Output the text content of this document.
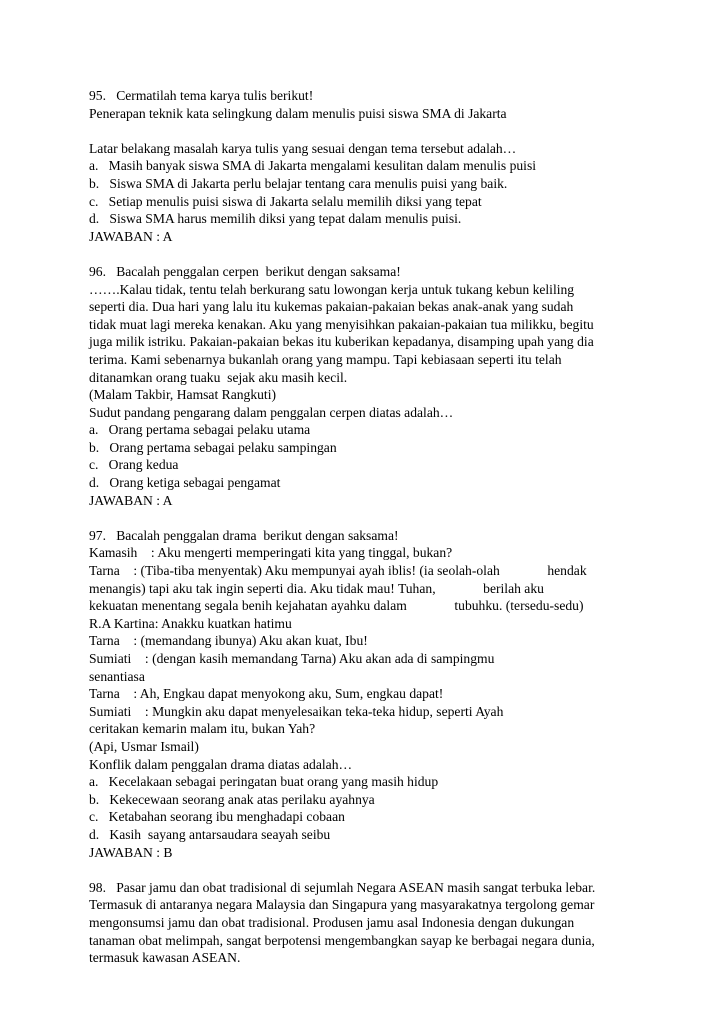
95.   Cermatilah tema karya tulis berikut!
Penerapan teknik kata selingkung dalam menulis puisi siswa SMA di Jakarta
Latar belakang masalah karya tulis yang sesuai dengan tema tersebut adalah…
a.   Masih banyak siswa SMA di Jakarta mengalami kesulitan dalam menulis puisi
b.   Siswa SMA di Jakarta perlu belajar tentang cara menulis puisi yang baik.
c.   Setiap menulis puisi siswa di Jakarta selalu memilih diksi yang tepat
d.   Siswa SMA harus memilih diksi yang tepat dalam menulis puisi.
JAWABAN : A
96.   Bacalah penggalan cerpen  berikut dengan saksama!
…….Kalau tidak, tentu telah berkurang satu lowongan kerja untuk tukang kebun keliling
seperti dia. Dua hari yang lalu itu kukemas pakaian-pakaian bekas anak-anak yang sudah
tidak muat lagi mereka kenakan. Aku yang menyisihkan pakaian-pakaian tua milikku, begitu
juga milik istriku. Pakaian-pakaian bekas itu kuberikan kepadanya, disamping upah yang dia
terima. Kami sebenarnya bukanlah orang yang mampu. Tapi kebiasaan seperti itu telah
ditanamkan orang tuaku  sejak aku masih kecil.
(Malam Takbir, Hamsat Rangkuti)
Sudut pandang pengarang dalam penggalan cerpen diatas adalah…
a.   Orang pertama sebagai pelaku utama
b.   Orang pertama sebagai pelaku sampingan
c.   Orang kedua
d.   Orang ketiga sebagai pengamat
JAWABAN : A
97.   Bacalah penggalan drama  berikut dengan saksama!
Kamasih    : Aku mengerti memperingati kita yang tinggal, bukan?
Tarna    : (Tiba-tiba menyentak) Aku mempunyai ayah iblis! (ia seolah-olah              hendak
menangis) tapi aku tak ingin seperti dia. Aku tidak mau! Tuhan,              berilah aku
kekuatan menentang segala benih kejahatan ayahku dalam              tubuhku. (tersedu-sedu)
R.A Kartina: Anakku kuatkan hatimu
Tarna    : (memandang ibunya) Aku akan kuat, Ibu!
Sumiati    : (dengan kasih memandang Tarna) Aku akan ada di sampingmu
senantiasa
Tarna    : Ah, Engkau dapat menyokong aku, Sum, engkau dapat!
Sumiati    : Mungkin aku dapat menyelesaikan teka-teka hidup, seperti Ayah
ceritakan kemarin malam itu, bukan Yah?
(Api, Usmar Ismail)
Konflik dalam penggalan drama diatas adalah…
a.   Kecelakaan sebagai peringatan buat orang yang masih hidup
b.   Kekecewaan seorang anak atas perilaku ayahnya
c.   Ketabahan seorang ibu menghadapi cobaan
d.   Kasih  sayang antarsaudara seayah seibu
JAWABAN : B
98.   Pasar jamu dan obat tradisional di sejumlah Negara ASEAN masih sangat terbuka lebar.
Termasuk di antaranya negara Malaysia dan Singapura yang masyarakatnya tergolong gemar
mengonsumsi jamu dan obat tradisional. Produsen jamu asal Indonesia dengan dukungan
tanaman obat melimpah, sangat berpotensi mengembangkan sayap ke berbagai negara dunia,
termasuk kawasan ASEAN.
